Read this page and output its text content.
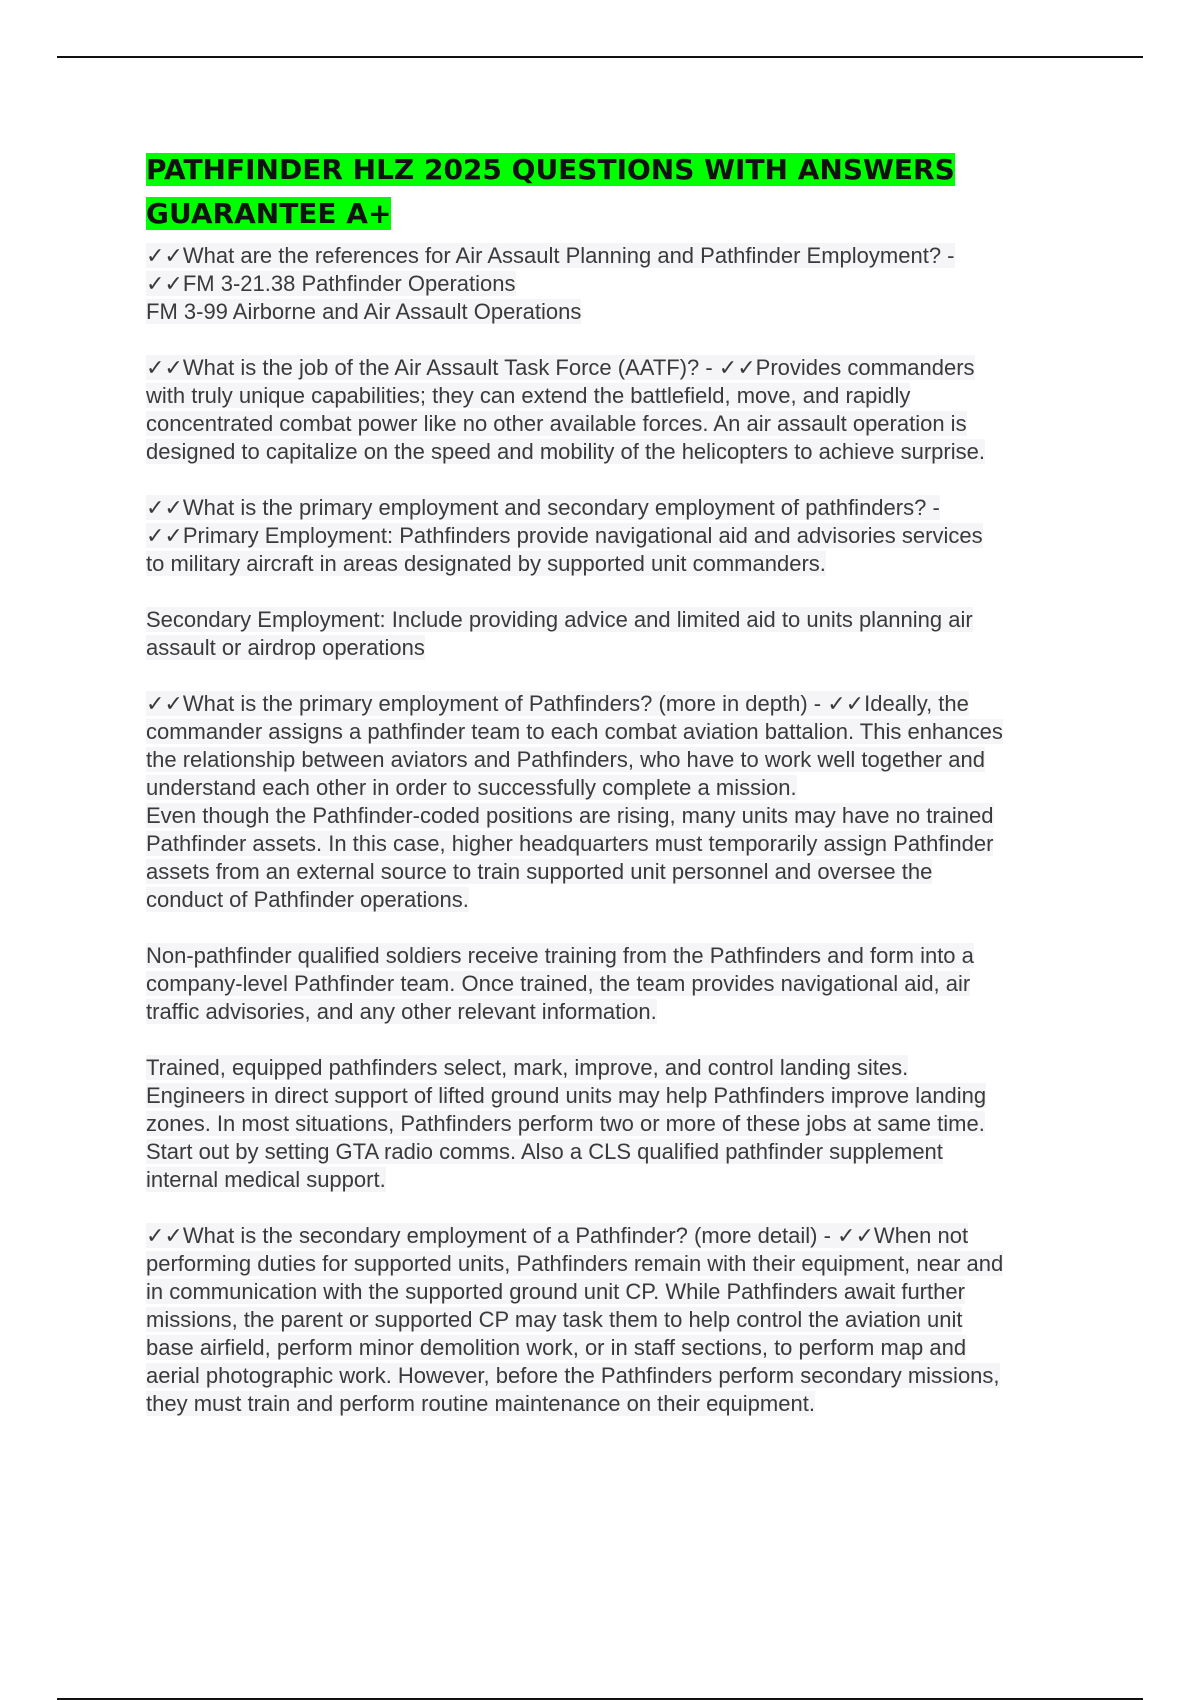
PATHFINDER HLZ 2025 QUESTIONS WITH ANSWERS
GUARANTEE A+

✓✓What are the references for Air Assault Planning and Pathfinder Employment? -
✓✓FM 3-21.38 Pathfinder Operations
FM 3-99 Airborne and Air Assault Operations

✓✓What is the job of the Air Assault Task Force (AATF)? - ✓✓Provides commanders
with truly unique capabilities; they can extend the battlefield, move, and rapidly
concentrated combat power like no other available forces. An air assault operation is
designed to capitalize on the speed and mobility of the helicopters to achieve surprise.

✓✓What is the primary employment and secondary employment of pathfinders? -
✓✓Primary Employment: Pathfinders provide navigational aid and advisories services
to military aircraft in areas designated by supported unit commanders.

Secondary Employment: Include providing advice and limited aid to units planning air
assault or airdrop operations

✓✓What is the primary employment of Pathfinders? (more in depth) - ✓✓Ideally, the
commander assigns a pathfinder team to each combat aviation battalion. This enhances
the relationship between aviators and Pathfinders, who have to work well together and
understand each other in order to successfully complete a mission.
Even though the Pathfinder-coded positions are rising, many units may have no trained
Pathfinder assets. In this case, higher headquarters must temporarily assign Pathfinder
assets from an external source to train supported unit personnel and oversee the
conduct of Pathfinder operations.

Non-pathfinder qualified soldiers receive training from the Pathfinders and form into a
company-level Pathfinder team. Once trained, the team provides navigational aid, air
traffic advisories, and any other relevant information.

Trained, equipped pathfinders select, mark, improve, and control landing sites.
Engineers in direct support of lifted ground units may help Pathfinders improve landing
zones. In most situations, Pathfinders perform two or more of these jobs at same time.
Start out by setting GTA radio comms. Also a CLS qualified pathfinder supplement
internal medical support.

✓✓What is the secondary employment of a Pathfinder? (more detail) - ✓✓When not
performing duties for supported units, Pathfinders remain with their equipment, near and
in communication with the supported ground unit CP. While Pathfinders await further
missions, the parent or supported CP may task them to help control the aviation unit
base airfield, perform minor demolition work, or in staff sections, to perform map and
aerial photographic work. However, before the Pathfinders perform secondary missions,
they must train and perform routine maintenance on their equipment.
